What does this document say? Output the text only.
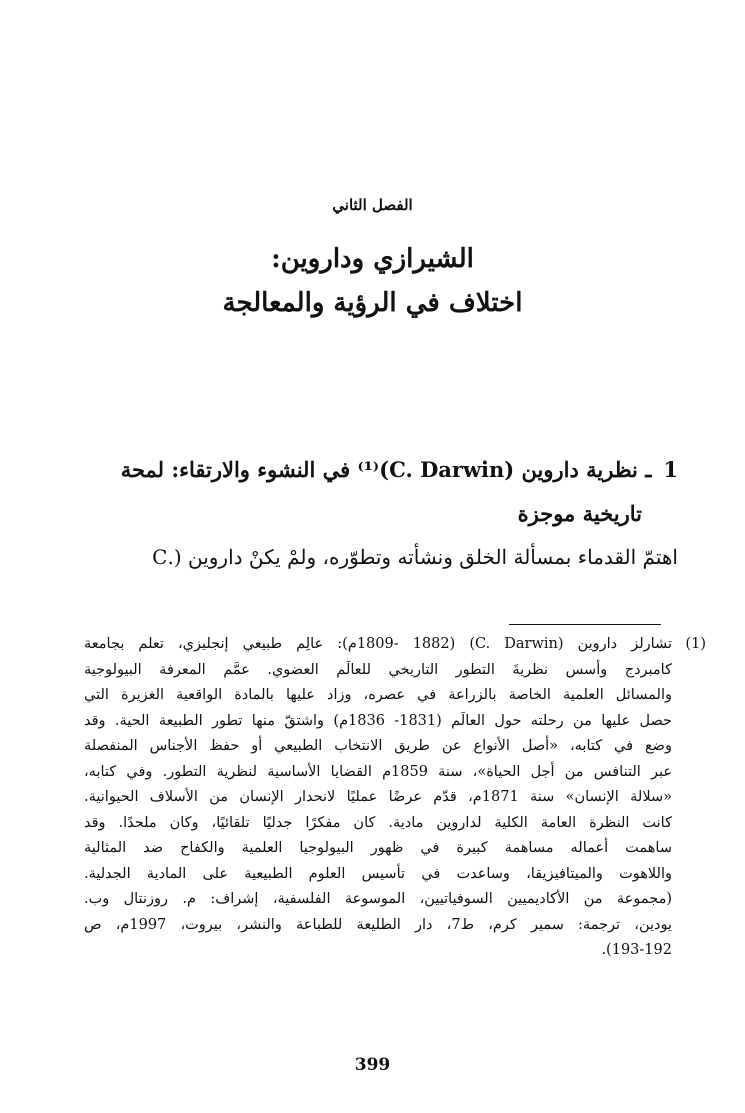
الفصل الثاني
الشيرازي وداروين:
اختلاف في الرؤية والمعالجة
1ـ نظرية داروين (C. Darwin)⁽¹⁾ في النشوء والارتقاء: لمحة
تاريخية موجزة
اهتمّ القدماء بمسألة الخلق ونشأته وتطوّره، ولمْ يكنْ داروين (.C
(1)
تشارلز داروين (C. Darwin) (1809- 1882م): عالِم طبيعي إنجليزي، تعلم بجامعة
كامبردج وأسس نظريةَ التطور التاريخي للعالَم العضوي. عمَّم المعرفة البيولوجية
والمسائل العلمية الخاصة بالزراعة في عصره، وزاد عليها بالمادة الواقعية الغزيرة التي
حصل عليها من رحلته حول العالَم (1831- 1836م) واشتقّ منها تطور الطبيعة الحية. وقد
وضع في كتابه، «أصل الأنواع عن طريق الانتخاب الطبيعي أو حفظ الأجناس المنفصلة
عبر التنافس من أجل الحياة»، سنة 1859م القضايا الأساسية لنظرية التطور. وفي كتابه،
«سلالة الإنسان» سنة 1871م، قدّم عرضًا عمليًا لانحدار الإنسان من الأسلاف الحيوانية.
كانت النظرة العامة الكلية لداروين مادية. كان مفكرًا جدليًا تلقائيًا، وكان ملحدًا. وقد
ساهمت أعماله مساهمة كبيرة في ظهور البيولوجيا العلمية والكفاح ضد المثالية
واللاهوت والميتافيزيقا، وساعدت في تأسيس العلوم الطبيعية على المادية الجدلية.
(مجموعة من الأكاديميين السوفياتيين، الموسوعة الفلسفية، إشراف: م. روزنتال وب.
يودين، ترجمة: سمير كرم، ط7، دار الطليعة للطباعة والنشر، بيروت، 1997م، ص
193-192).
399
